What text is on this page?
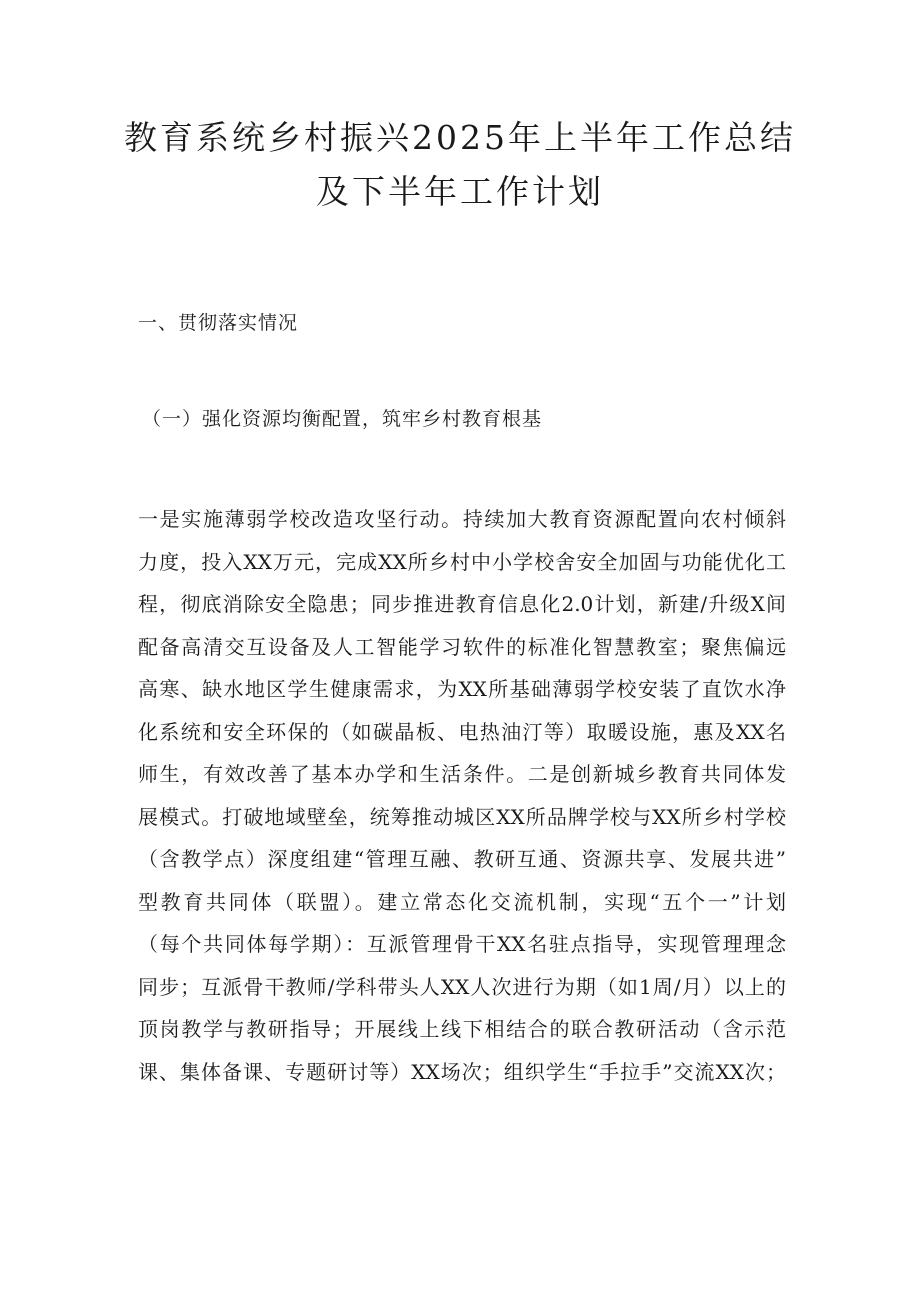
教育系统乡村振兴2025年上半年工作总结
及下半年工作计划
一、贯彻落实情况
（一）强化资源均衡配置，筑牢乡村教育根基
一是实施薄弱学校改造攻坚行动。持续加大教育资源配置向农村倾斜
力度，投入XX万元，完成XX所乡村中小学校舍安全加固与功能优化工
程，彻底消除安全隐患；同步推进教育信息化2.0计划，新建/升级X间
配备高清交互设备及人工智能学习软件的标准化智慧教室；聚焦偏远
高寒、缺水地区学生健康需求，为XX所基础薄弱学校安装了直饮水净
化系统和安全环保的（如碳晶板、电热油汀等）取暖设施，惠及XX名
师生，有效改善了基本办学和生活条件。二是创新城乡教育共同体发
展模式。打破地域壁垒，统筹推动城区XX所品牌学校与XX所乡村学校
（含教学点）深度组建“管理互融、教研互通、资源共享、发展共进”
型教育共同体（联盟）。建立常态化交流机制，实现“五个一”计划
（每个共同体每学期）：互派管理骨干XX名驻点指导，实现管理理念
同步；互派骨干教师/学科带头人XX人次进行为期（如1周/月）以上的
顶岗教学与教研指导；开展线上线下相结合的联合教研活动（含示范
课、集体备课、专题研讨等）XX场次；组织学生“手拉手”交流XX次；
